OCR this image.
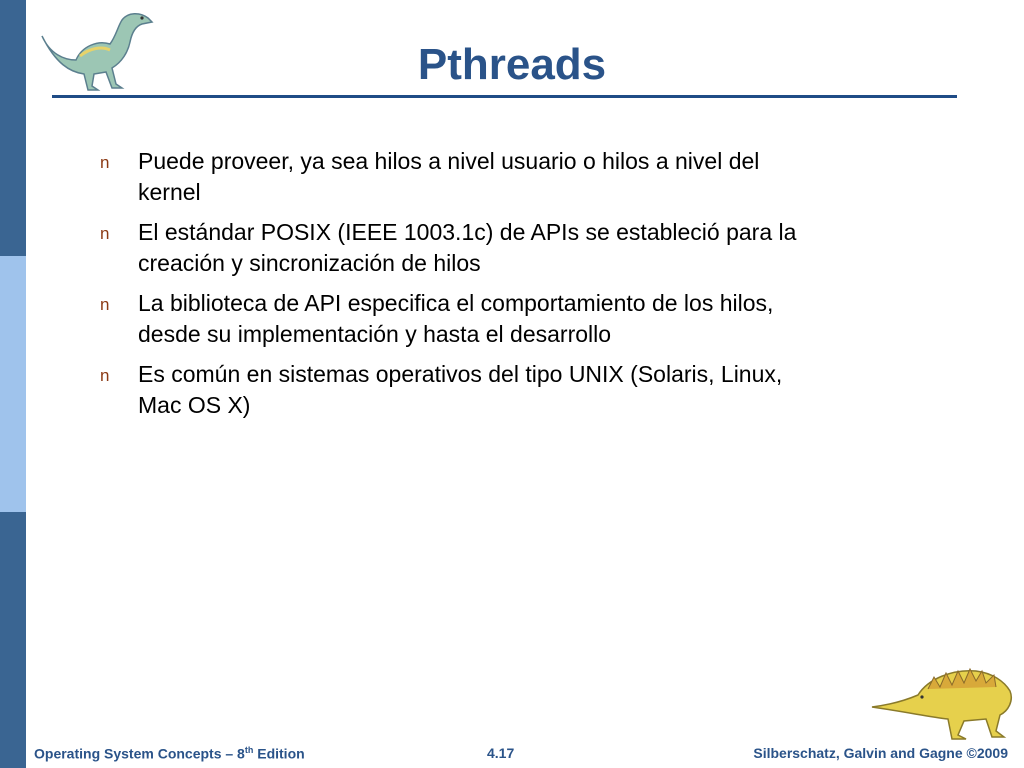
Pthreads
n Puede proveer, ya sea hilos a nivel usuario o hilos a nivel del kernel
n El estándar POSIX (IEEE 1003.1c) de APIs se estableció para la creación y sincronización de hilos
n La biblioteca de API especifica el comportamiento de los hilos, desde su implementación y hasta el desarrollo
n Es común en sistemas operativos del tipo UNIX (Solaris, Linux, Mac OS X)
Operating System Concepts – 8th Edition	4.17	Silberschatz, Galvin and Gagne ©2009
